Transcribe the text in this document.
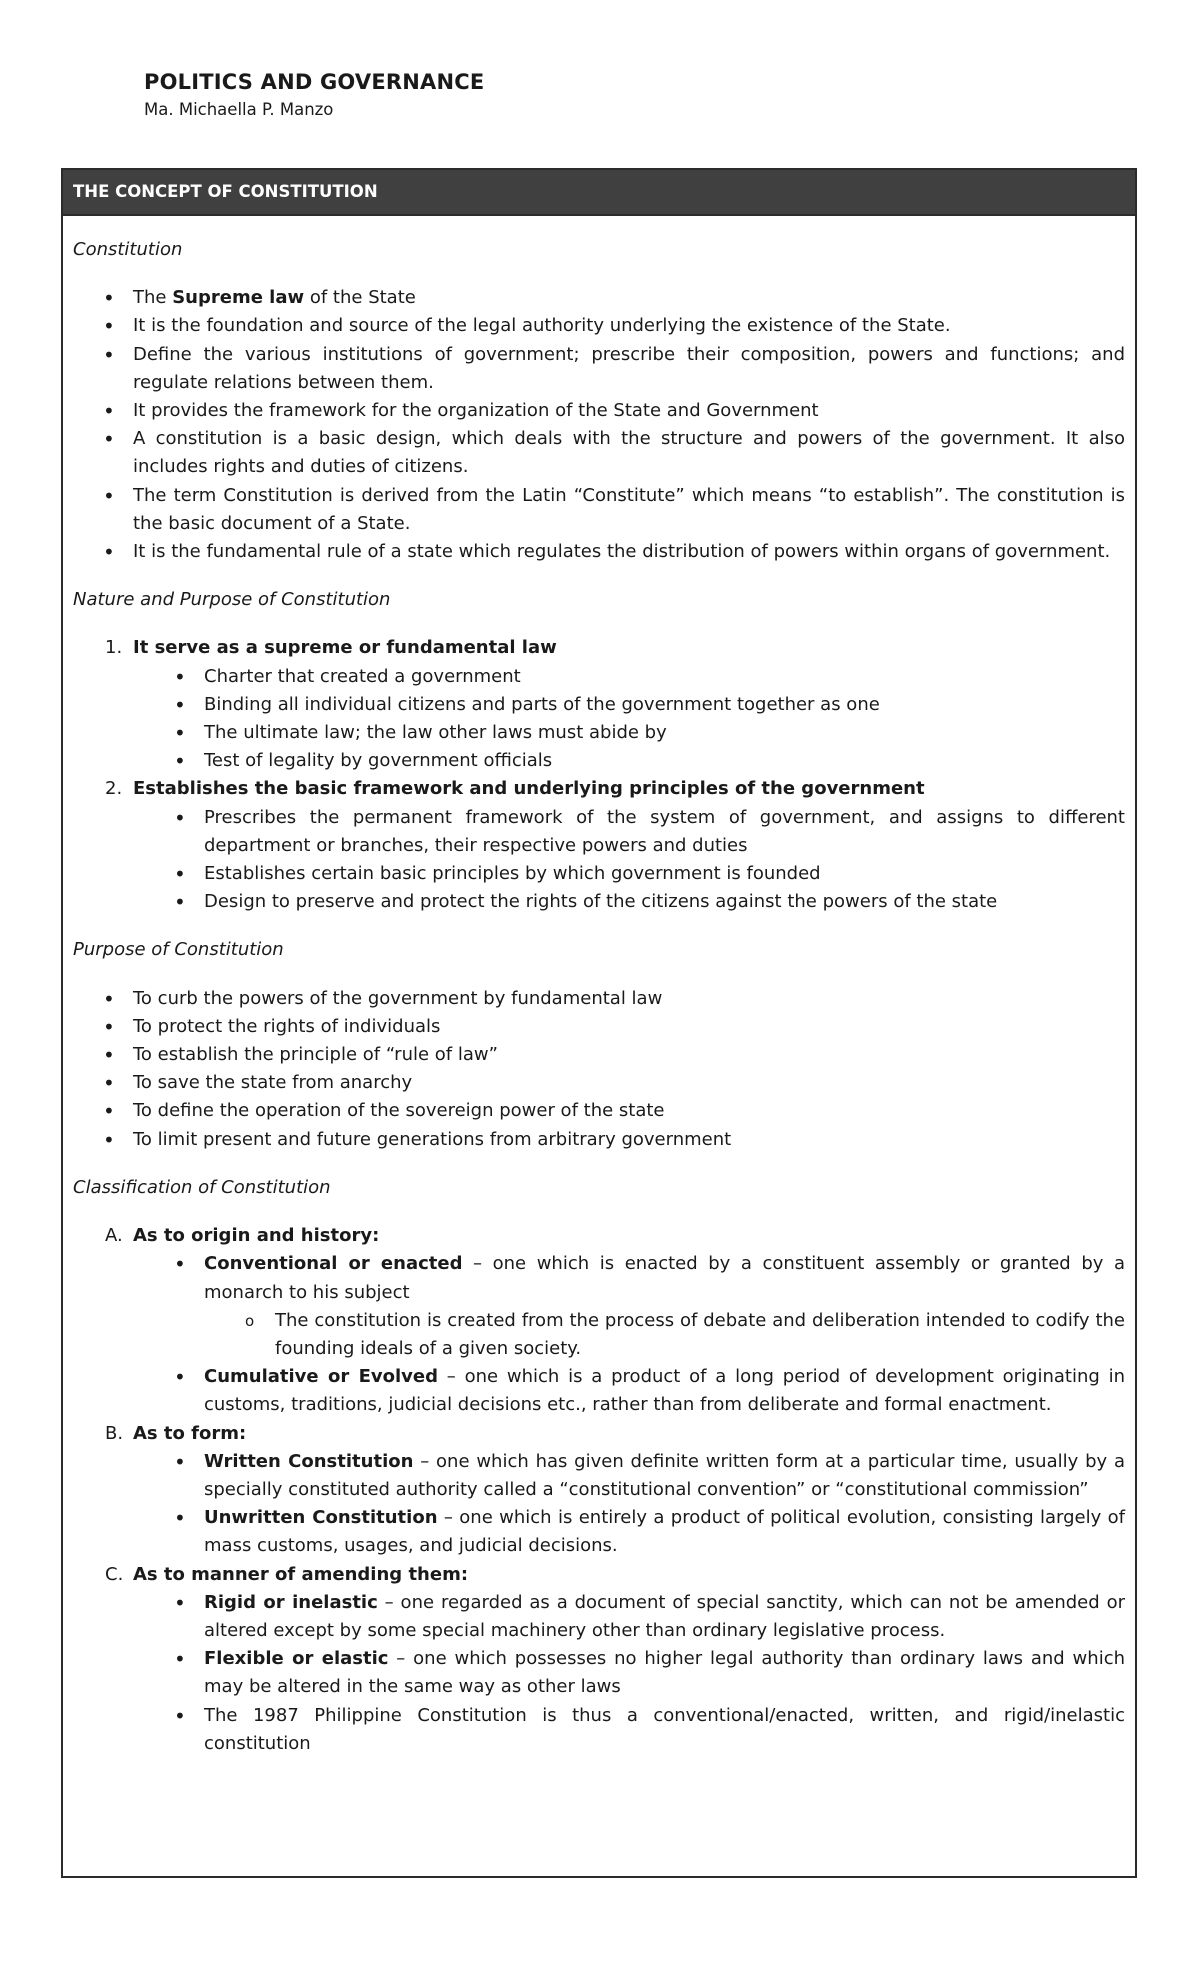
POLITICS AND GOVERNANCE
Ma. Michaella P. Manzo
THE CONCEPT OF CONSTITUTION

Constitution

•
The Supreme law of the State
•
It is the foundation and source of the legal authority underlying the existence of the State.
•
Define the various institutions of government; prescribe their composition, powers and functions; and regulate relations between them.
•
It provides the framework for the organization of the State and Government
•
A constitution is a basic design, which deals with the structure and powers of the government. It also includes rights and duties of citizens.
•
The term Constitution is derived from the Latin “Constitute” which means “to establish”. The constitution is the basic document of a State.
•
It is the fundamental rule of a state which regulates the distribution of powers within organs of government.

Nature and Purpose of Constitution

1. It serve as a supreme or fundamental law
•
Charter that created a government
•
Binding all individual citizens and parts of the government together as one
•
The ultimate law; the law other laws must abide by
•
Test of legality by government officials
2. Establishes the basic framework and underlying principles of the government
•
Prescribes the permanent framework of the system of government, and assigns to different department or branches, their respective powers and duties
•
Establishes certain basic principles by which government is founded
•
Design to preserve and protect the rights of the citizens against the powers of the state

Purpose of Constitution

•
To curb the powers of the government by fundamental law
•
To protect the rights of individuals
•
To establish the principle of “rule of law”
•
To save the state from anarchy
•
To define the operation of the sovereign power of the state
•
To limit present and future generations from arbitrary government

Classification of Constitution

A. As to origin and history:
•
Conventional or enacted – one which is enacted by a constituent assembly or granted by a monarch to his subject
o
The constitution is created from the process of debate and deliberation intended to codify the founding ideals of a given society.
•
Cumulative or Evolved – one which is a product of a long period of development originating in customs, traditions, judicial decisions etc., rather than from deliberate and formal enactment.
B. As to form:
•
Written Constitution – one which has given definite written form at a particular time, usually by a specially constituted authority called a “constitutional convention” or “constitutional commission”
•
Unwritten Constitution – one which is entirely a product of political evolution, consisting largely of mass customs, usages, and judicial decisions.
C. As to manner of amending them:
•
Rigid or inelastic – one regarded as a document of special sanctity, which can not be amended or altered except by some special machinery other than ordinary legislative process.
•
Flexible or elastic – one which possesses no higher legal authority than ordinary laws and which may be altered in the same way as other laws
•
The 1987 Philippine Constitution is thus a conventional/enacted, written, and rigid/inelastic constitution
